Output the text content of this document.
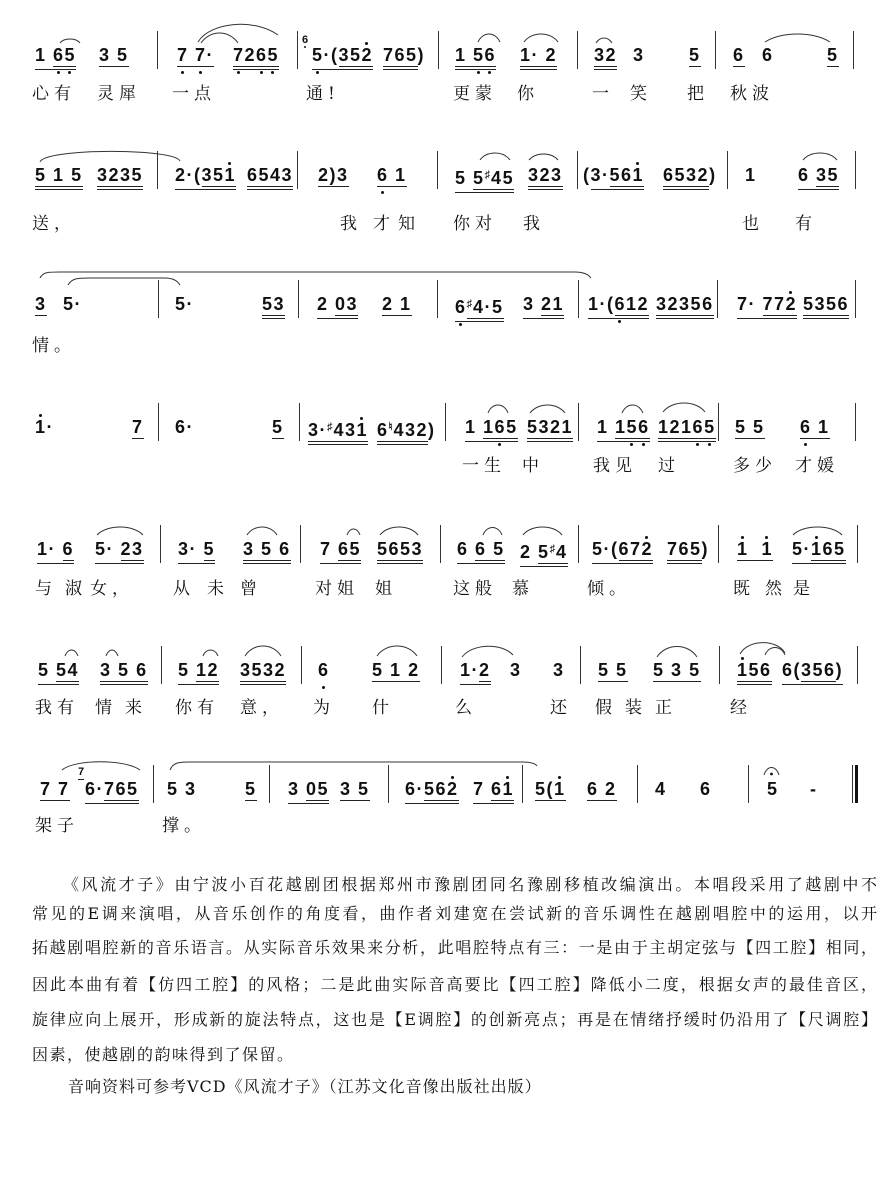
1 65 3 5	7 7· 7265
6
5·(352 765) 1 56 1· 2 32 3 5 6 6	5
心有 灵犀 一点	通!	更蒙 你	一 笑 把 秋波
5 1 5 3235 2·(351 6543 2)3 6 1	5 5♯45 323 (3·561 6532) 1 6 35
送，	我 才 知 你对 我	也 有
3 5·	5·	53 2 03 2 1 6♯4·5 3 21 1·(612 32356 7· 772 5356
情。
1·	7 6·	5 3·♯431 6♮432) 1 165 5321 1 156 12165 5 5 6 1
一生 中	我见 过	多少 才媛
1· 6 5· 23 3· 5 3 5 6 7 65 5653 6 6 5 2 5♯4 5·(672 765) 1 1 5·165
与 淑 女， 从 未 曾	对姐 姐	这般 慕	倾。	既 然 是
5 54 3 5 6 5 12 3532 6 5 1 2 1·2 3 3 5 5 5 3 5 156 6(356)
我有 情 来 你有 意， 为 什	么	还 假 装 正	经
7 7
7
6·765 5 3	5 3 05 3 5 6·562 7 61 5(1 6 2 4 6	5 -
架子	撑。
《风流才子》由宁波小百花越剧团根据郑州市豫剧团同名豫剧移植改编演出。本唱段采用了越剧中不
常见的E调来演唱，从音乐创作的角度看，曲作者刘建宽在尝试新的音乐调性在越剧唱腔中的运用，以开
拓越剧唱腔新的音乐语言。从实际音乐效果来分析，此唱腔特点有三：一是由于主胡定弦与【四工腔】相同，
因此本曲有着【仿四工腔】的风格；二是此曲实际音高要比【四工腔】降低小二度，根据女声的最佳音区，
旋律应向上展开，形成新的旋法特点，这也是【E调腔】的创新亮点；再是在情绪抒缓时仍沿用了【尺调腔】
因素，使越剧的韵味得到了保留。
音响资料可参考VCD《风流才子》（江苏文化音像出版社出版）
